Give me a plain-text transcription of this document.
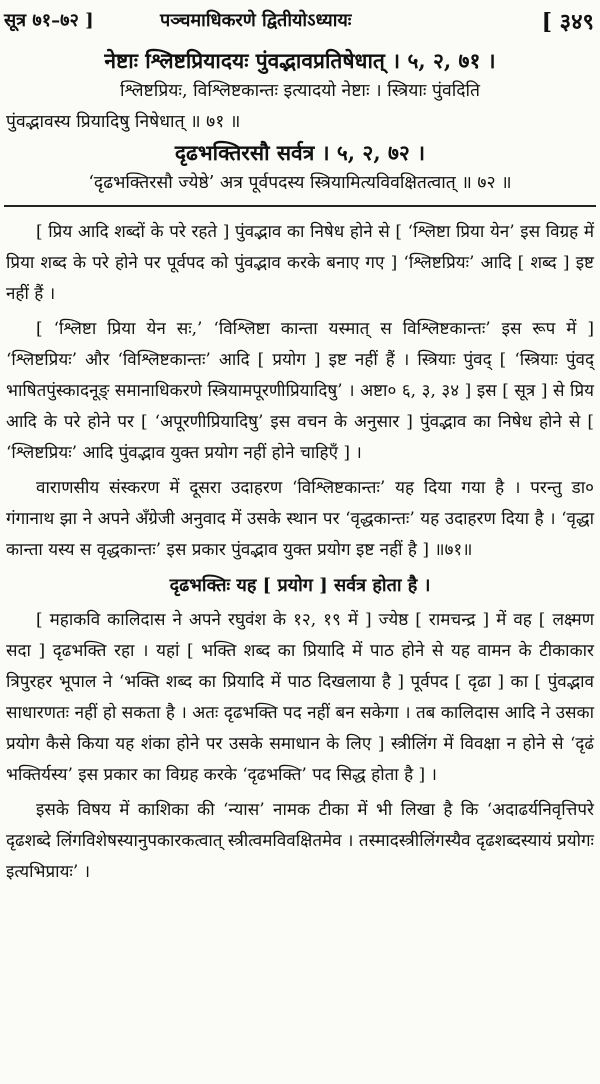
सूत्र ७१–७२ ]	पञ्चमाधिकरणे द्वितीयोऽध्यायः	[ ३४९

नेष्टाः श्लिष्टप्रियादयः पुंवद्भावप्रतिषेधात् । ५, २, ७१ ।

श्लिष्टप्रियः, विश्लिष्टकान्तः इत्यादयो नेष्टाः । स्त्रियाः पुंवदिति

पुंवद्भावस्य प्रियादिषु निषेधात् ॥ ७१ ॥

दृढभक्तिरसौ सर्वत्र । ५, २, ७२ ।

‘दृढभक्तिरसौ ज्येष्ठे’ अत्र पूर्वपदस्य स्त्रियामित्यविवक्षितत्वात् ॥ ७२ ॥

[ प्रिय आदि शब्दों के परे रहते ] पुंवद्भाव का निषेध होने से [ ‘श्लिष्टा प्रिया येन’ इस विग्रह में प्रिया शब्द के परे होने पर पूर्वपद को पुंवद्भाव करके बनाए गए ] ‘श्लिष्टप्रियः’ आदि [ शब्द ] इष्ट नहीं हैं ।

[ ‘श्लिष्टा प्रिया येन सः,’ ‘विश्लिष्टा कान्ता यस्मात् स विश्लिष्टकान्तः’ इस रूप में ] ‘श्लिष्टप्रियः’ और ‘विश्लिष्टकान्तः’ आदि [ प्रयोग ] इष्ट नहीं हैं । स्त्रियाः पुंवद् [ ‘स्त्रियाः पुंवद् भाषितपुंस्कादनूङ् समानाधिकरणे स्त्रियामपूरणीप्रियादिषु’ । अष्टा० ६, ३, ३४ ] इस [ सूत्र ] से प्रिय आदि के परे होने पर [ ‘अपूरणीप्रियादिषु’ इस वचन के अनुसार ] पुंवद्भाव का निषेध होने से [ ‘श्लिष्टप्रियः’ आदि पुंवद्भाव युक्त प्रयोग नहीं होने चाहिएँ ] ।

वाराणसीय संस्करण में दूसरा उदाहरण ‘विश्लिष्टकान्तः’ यह दिया गया है । परन्तु डा० गंगानाथ झा ने अपने अँग्रेजी अनुवाद में उसके स्थान पर ‘वृद्धकान्तः’ यह उदाहरण दिया है । ‘वृद्धा कान्ता यस्य स वृद्धकान्तः’ इस प्रकार पुंवद्भाव युक्त प्रयोग इष्ट नहीं है ] ॥७१॥

दृढभक्तिः यह [ प्रयोग ] सर्वत्र होता है ।

[ महाकवि कालिदास ने अपने रघुवंश के १२, १९ में ] ज्येष्ठ [ रामचन्द्र ] में वह [ लक्ष्मण सदा ] दृढभक्ति रहा । यहां [ भक्ति शब्द का प्रियादि में पाठ होने से यह वामन के टीकाकार त्रिपुरहर भूपाल ने ‘भक्ति शब्द का प्रियादि में पाठ दिखलाया है ] पूर्वपद [ दृढा ] का [ पुंवद्भाव साधारणतः नहीं हो सकता है । अतः दृढभक्ति पद नहीं बन सकेगा । तब कालिदास आदि ने उसका प्रयोग कैसे किया यह शंका होने पर उसके समाधान के लिए ] स्त्रीलिंग में विवक्षा न होने से ‘दृढं भक्तिर्यस्य’ इस प्रकार का विग्रह करके ‘दृढभक्ति’ पद सिद्ध होता है ] ।

इसके विषय में काशिका की ‘न्यास’ नामक टीका में भी लिखा है कि ‘अदाढर्यनिवृत्तिपरे दृढशब्दे लिंगविशेषस्यानुपकारकत्वात् स्त्रीत्वमविवक्षितमेव । तस्मादस्त्रीलिंगस्यैव दृढशब्दस्यायं प्रयोगः इत्यभिप्रायः’ ।
